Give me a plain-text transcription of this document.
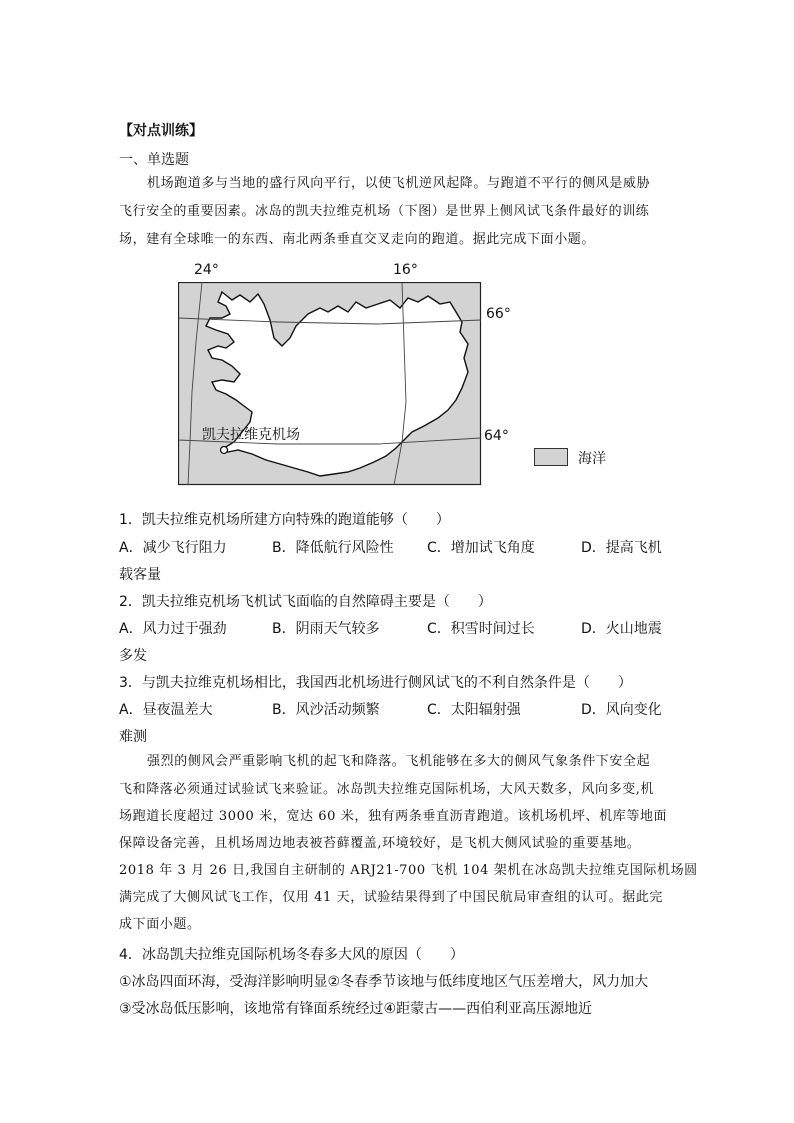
【对点训练】
一、单选题
机场跑道多与当地的盛行风向平行，以使飞机逆风起降。与跑道不平行的侧风是威胁
飞行安全的重要因素。冰岛的凯夫拉维克机场（下图）是世界上侧风试飞条件最好的训练
场，建有全球唯一的东西、南北两条垂直交叉走向的跑道。据此完成下面小题。
24°	16°
66°
64°
凯夫拉维克机场
海洋
1．凯夫拉维克机场所建方向特殊的跑道能够（　　）
A．减少飞行阻力	B．降低航行风险性 C．增加试飞角度	D．提高飞机
载客量
2．凯夫拉维克机场飞机试飞面临的自然障碍主要是（　　）
A．风力过于强劲	B．阴雨天气较多	C．积雪时间过长	D．火山地震
多发
3．与凯夫拉维克机场相比，我国西北机场进行侧风试飞的不利自然条件是（　　）
A．昼夜温差大	B．风沙活动频繁	C．太阳辐射强	D．风向变化
难测
强烈的侧风会严重影响飞机的起飞和降落。飞机能够在多大的侧风气象条件下安全起
飞和降落必须通过试验试飞来验证。冰岛凯夫拉维克国际机场，大风天数多，风向多变,机
场跑道长度超过 3000 米，宽达 60 米，独有两条垂直沥青跑道。该机场机坪、机库等地面
保障设备完善，且机场周边地表被苔藓覆盖,环境较好，是飞机大侧风试验的重要基地。
2018 年 3 月 26 日,我国自主研制的 ARJ21-700 飞机 104 架机在冰岛凯夫拉维克国际机场圆
满完成了大侧风试飞工作，仅用 41 天，试验结果得到了中国民航局审查组的认可。据此完
成下面小题。
4．冰岛凯夫拉维克国际机场冬春多大风的原因（　　）
①冰岛四面环海，受海洋影响明显②冬春季节该地与低纬度地区气压差增大，风力加大
③受冰岛低压影响，该地常有锋面系统经过④距蒙古——西伯利亚高压源地近
